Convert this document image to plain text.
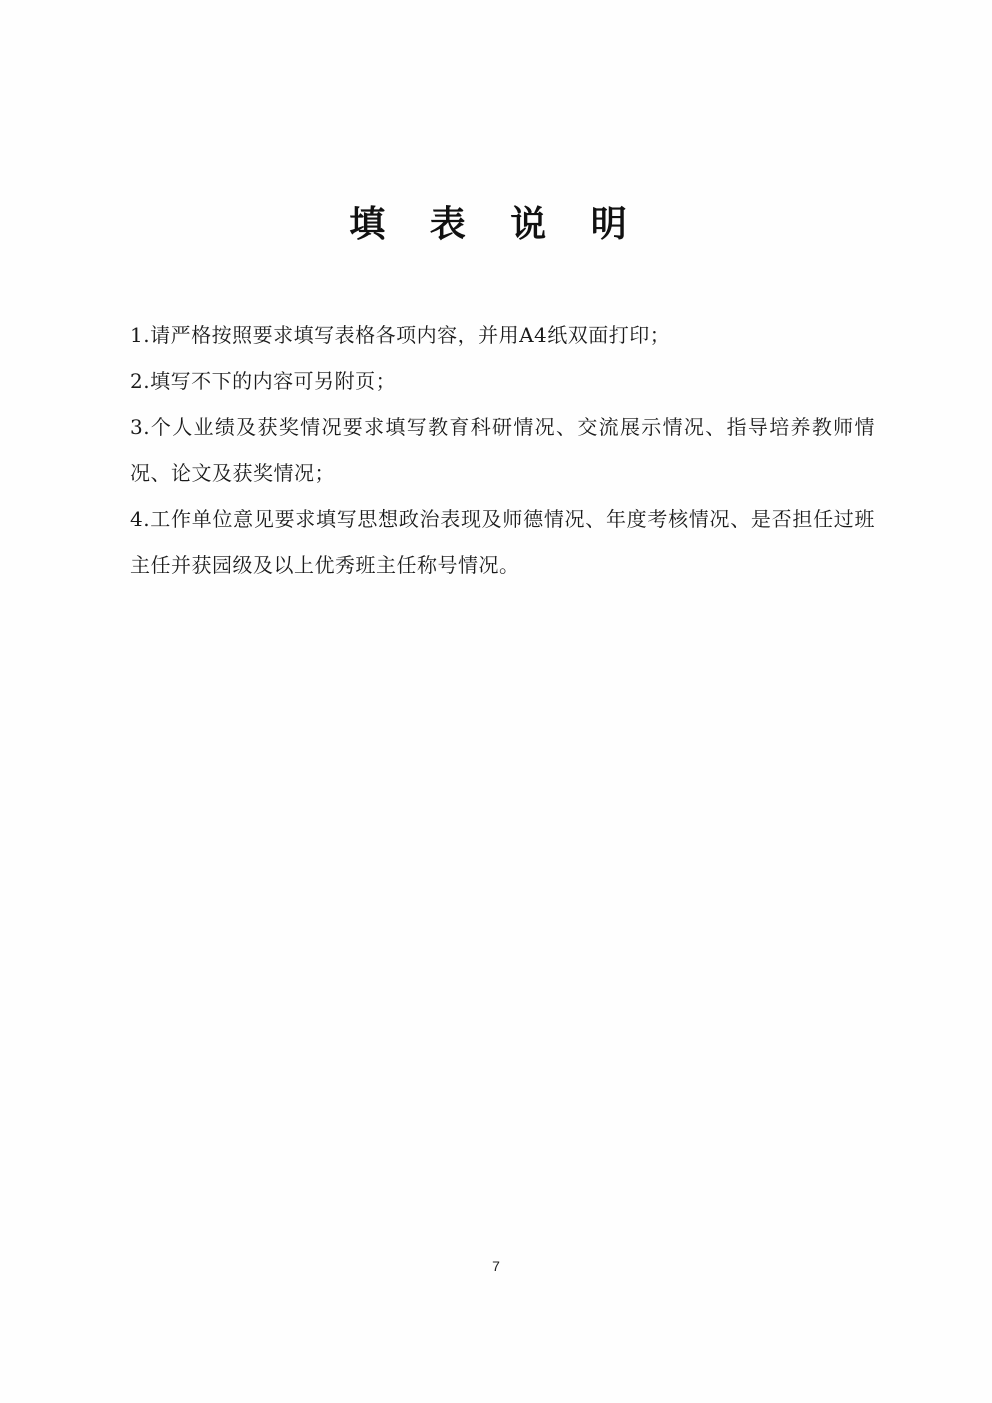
填 表 说 明

1.请严格按照要求填写表格各项内容，并用A4纸双面打印；

2.填写不下的内容可另附页；

3.个人业绩及获奖情况要求填写教育科研情况、交流展示情况、指导培养教师情况、论文及获奖情况；

4.工作单位意见要求填写思想政治表现及师德情况、年度考核情况、是否担任过班主任并获园级及以上优秀班主任称号情况。

7
